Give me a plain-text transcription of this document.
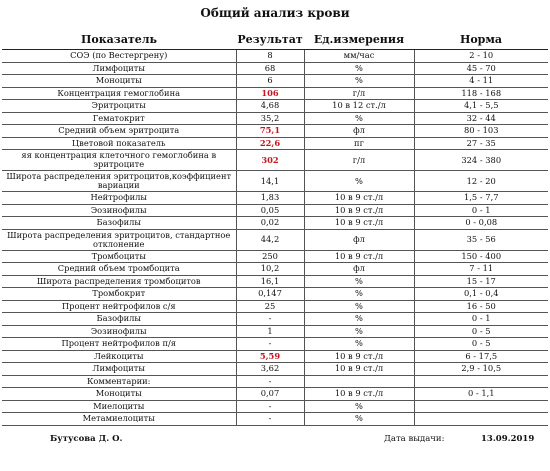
Общий анализ крови
Показатель	Результат	Ед.измерения	Норма
СОЭ (по Вестергрену)	8	мм/час	2 - 10
Лимфоциты	68	%	45 - 70
Моноциты	6	%	4 - 11
Концентрация гемоглобина	106	г/л	118 - 168
Эритроциты	4,68	10 в 12 ст./л	4,1 - 5,5
Гематокрит	35,2	%	32 - 44
Средний объем эритроцита	75,1	фл	80 - 103
Цветовой показатель	22,6	пг	27 - 35
яя концентрация клеточного гемоглобина в эритроците	302	г/л	324 - 380
Широта распределения эритроцитов,коэффициент вариации	14,1	%	12 - 20
Нейтрофилы	1,83	10 в 9 ст./л	1,5 - 7,7
Эозинофилы	0,05	10 в 9 ст./л	0 - 1
Базофилы	0,02	10 в 9 ст./л	0 - 0,08
Широта распределения эритроцитов, стандартное отклонение	44,2	фл	35 - 56
Тромбоциты	250	10 в 9 ст./л	150 - 400
Средний объем тромбоцита	10,2	фл	7 - 11
Широта распределения тромбоцитов	16,1	%	15 - 17
Тромбокрит	0,147	%	0,1 - 0,4
Процент нейтрофилов с/я	25	%	16 - 50
Базофилы	-	%	0 - 1
Эозинофилы	1	%	0 - 5
Процент нейтрофилов п/я	-	%	0 - 5
Лейкоциты	5,59	10 в 9 ст./л	6 - 17,5
Лимфоциты	3,62	10 в 9 ст./л	2,9 - 10,5
Комментарии:	-		
Моноциты	0,07	10 в 9 ст./л	0 - 1,1
Миелоциты	-	%	
Метамиелоциты	-	%	
Бутусова Д. О.	Дата выдачи:	13.09.2019
